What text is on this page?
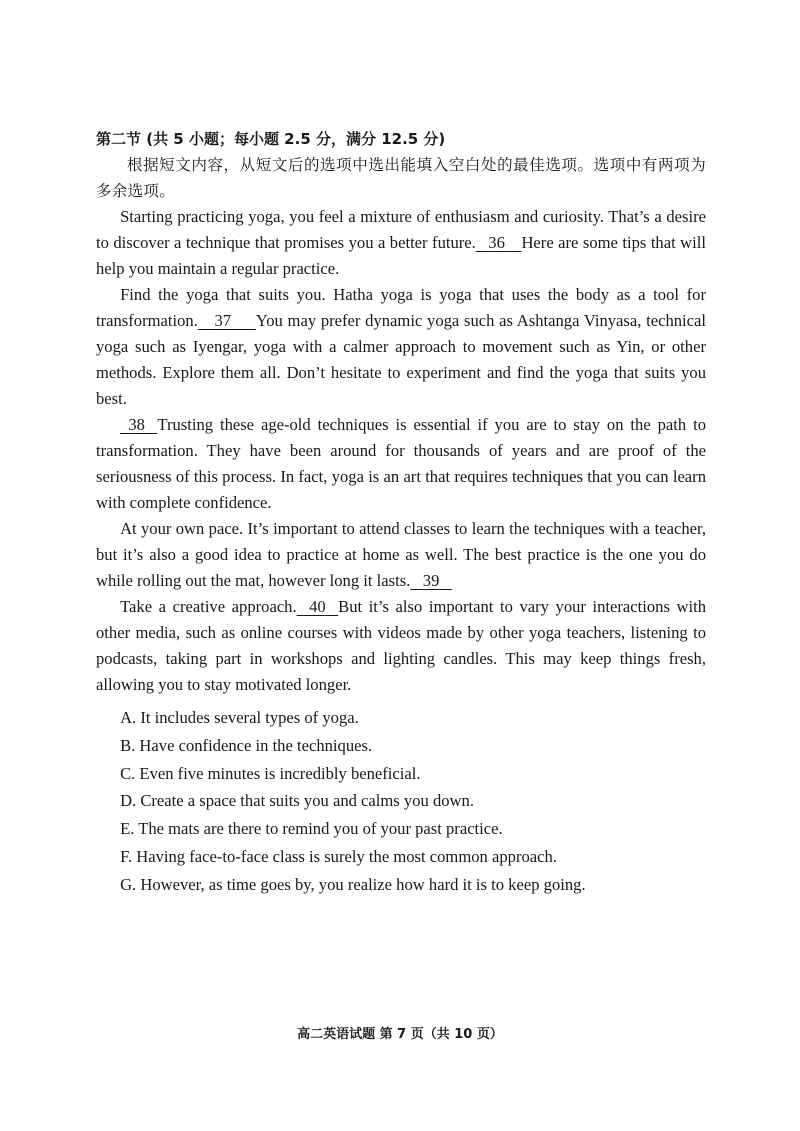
第二节 (共 5 小题；每小题 2.5 分，满分 12.5 分)

根据短文内容，从短文后的选项中选出能填入空白处的最佳选项。选项中有两项为多余选项。

Starting practicing yoga, you feel a mixture of enthusiasm and curiosity. That’s a desire to discover a technique that promises you a better future. 36 Here are some tips that will help you maintain a regular practice.

Find the yoga that suits you. Hatha yoga is yoga that uses the body as a tool for transformation. 37 You may prefer dynamic yoga such as Ashtanga Vinyasa, technical yoga such as Iyengar, yoga with a calmer approach to movement such as Yin, or other methods. Explore them all. Don’t hesitate to experiment and find the yoga that suits you best.

38 Trusting these age-old techniques is essential if you are to stay on the path to transformation. They have been around for thousands of years and are proof of the seriousness of this process. In fact, yoga is an art that requires techniques that you can learn with complete confidence.

At your own pace. It’s important to attend classes to learn the techniques with a teacher, but it’s also a good idea to practice at home as well. The best practice is the one you do while rolling out the mat, however long it lasts. 39

Take a creative approach. 40 But it’s also important to vary your interactions with other media, such as online courses with videos made by other yoga teachers, listening to podcasts, taking part in workshops and lighting candles. This may keep things fresh, allowing you to stay motivated longer.

A. It includes several types of yoga.

B. Have confidence in the techniques.

C. Even five minutes is incredibly beneficial.

D. Create a space that suits you and calms you down.

E. The mats are there to remind you of your past practice.

F. Having face-to-face class is surely the most common approach.

G. However, as time goes by, you realize how hard it is to keep going.

高二英语试题 第 7 页（共 10 页）
